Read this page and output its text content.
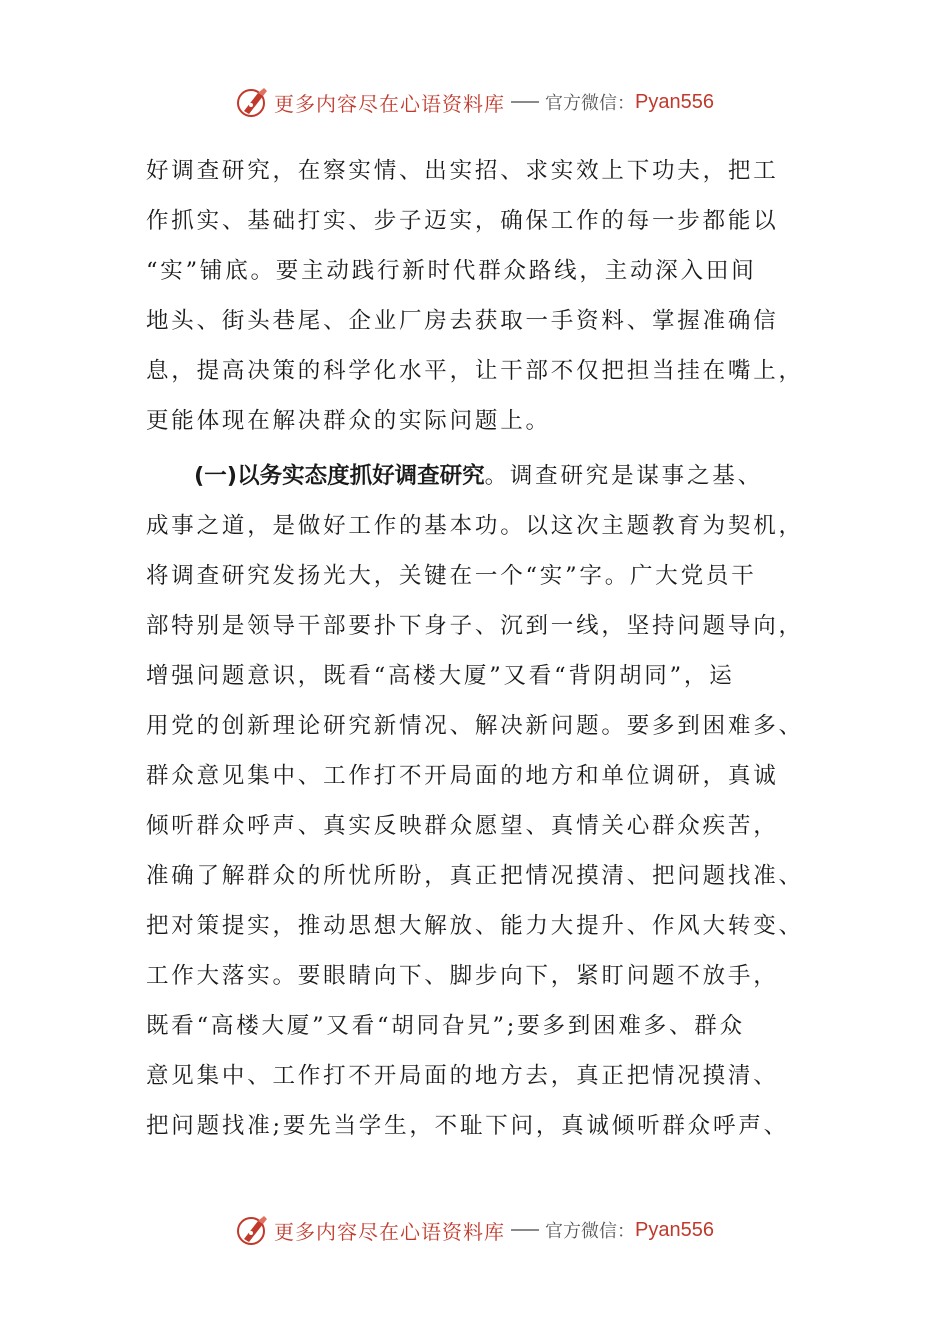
更多内容尽在心语资料库 官方微信： Pyan556
好调查研究，在察实情、出实招、求实效上下功夫，把工
作抓实、基础打实、步子迈实，确保工作的每一步都能以
“实”铺底。要主动践行新时代群众路线，主动深入田间
地头、街头巷尾、企业厂房去获取一手资料、掌握准确信
息，提高决策的科学化水平，让干部不仅把担当挂在嘴上，
更能体现在解决群众的实际问题上。
(一)以务实态度抓好调查研究。调查研究是谋事之基、
成事之道，是做好工作的基本功。以这次主题教育为契机，
将调查研究发扬光大，关键在一个“实”字。广大党员干
部特别是领导干部要扑下身子、沉到一线，坚持问题导向，
增强问题意识，既看“高楼大厦”又看“背阴胡同”，运
用党的创新理论研究新情况、解决新问题。要多到困难多、
群众意见集中、工作打不开局面的地方和单位调研，真诚
倾听群众呼声、真实反映群众愿望、真情关心群众疾苦，
准确了解群众的所忧所盼，真正把情况摸清、把问题找准、
把对策提实，推动思想大解放、能力大提升、作风大转变、
工作大落实。要眼睛向下、脚步向下，紧盯问题不放手，
既看“高楼大厦”又看“胡同旮旯”;要多到困难多、群众
意见集中、工作打不开局面的地方去，真正把情况摸清、
把问题找准;要先当学生，不耻下问，真诚倾听群众呼声、
更多内容尽在心语资料库 官方微信： Pyan556
